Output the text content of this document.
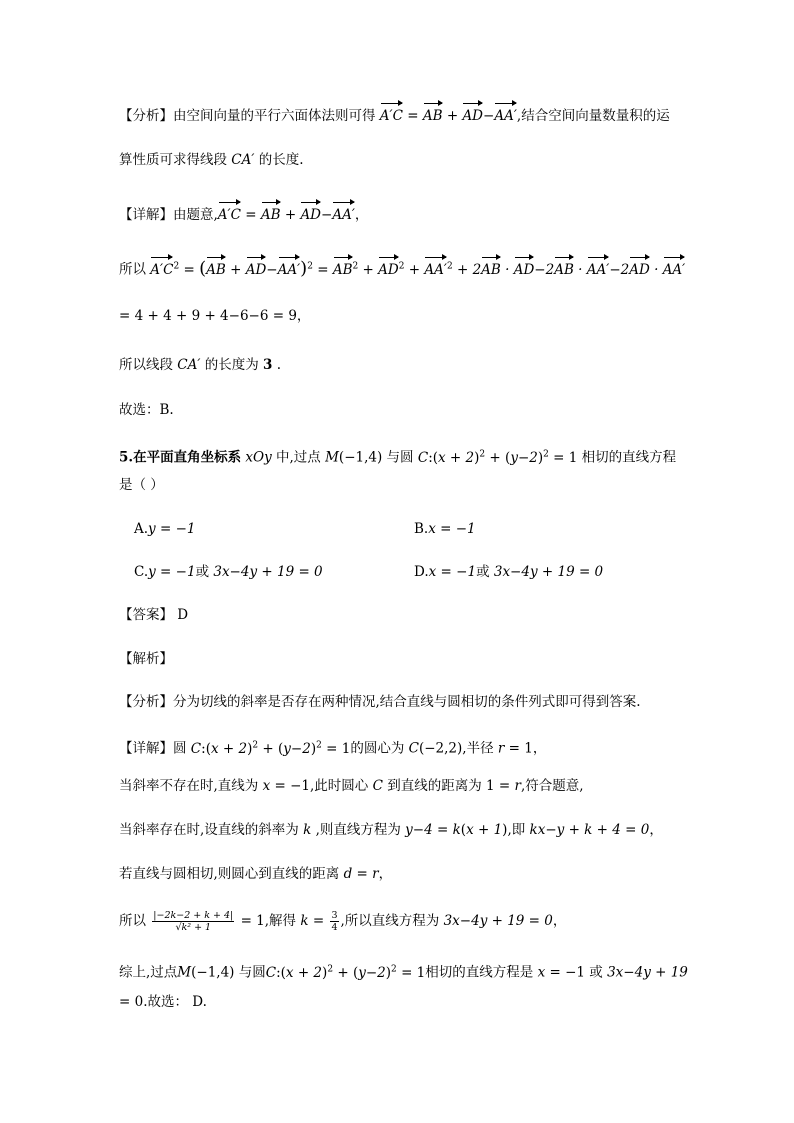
【分析】由空间向量的平行六面体法则可得 A′C = AB + AD−AA′,结合空间向量数量积的运
算性质可求得线段 CA′ 的长度.
【详解】由题意,A′C = AB + AD−AA′，
所以 $A'C^2 = (AB + AD-AA')^2 = AB^2 + AD^2 + AA'^2 + 2AB \cdot AD-2AB \cdot AA'-2AD \cdot AA'$
= 4 + 4 + 9 + 4−6−6 = 9，
所以线段 CA′ 的长度为 3 .
故选：B.
5.在平面直角坐标系 xOy 中,过点 M(−1,4) 与圆 C:(x + $2)^2 + (y-2)^2 = 1$ 相切的直线方程
是（ ）
A.y = −1	B.x = −1
C.y = −1或 3x−4y + 19 = 0	D.x = −1或 3x−4y + 19 = 0
【答案】 D
【解析】
【分析】分为切线的斜率是否存在两种情况,结合直线与圆相切的条件列式即可得到答案.
【详解】圆 C:(x + $2)^2 + (y-2)^2 = 1$的圆心为 C(−2,2),半径 r = 1，
当斜率不存在时,直线为 x = −1,此时圆心 C 到直线的距离为 1 = r,符合题意,
当斜率存在时,设直线的斜率为 k ,则直线方程为 y−4 = k(x + 1),即 kx−y + k + 4 = 0，
若直线与圆相切,则圆心到直线的距离 d = r，
所以 $\frac{|-2k-2 + k + 4|}{\text{√k² + 1}} = 1$,解得 $k = \frac{3}{4}$ ,所以直线方程为 3x−4y + 19 = 0，
综上,过点M(−1,4) 与圆C:(x + $2)^2 + (y-2)^2 = 1$相切的直线方程是 x = −1 或 3x−4y + 19
= 0.故选： D.
